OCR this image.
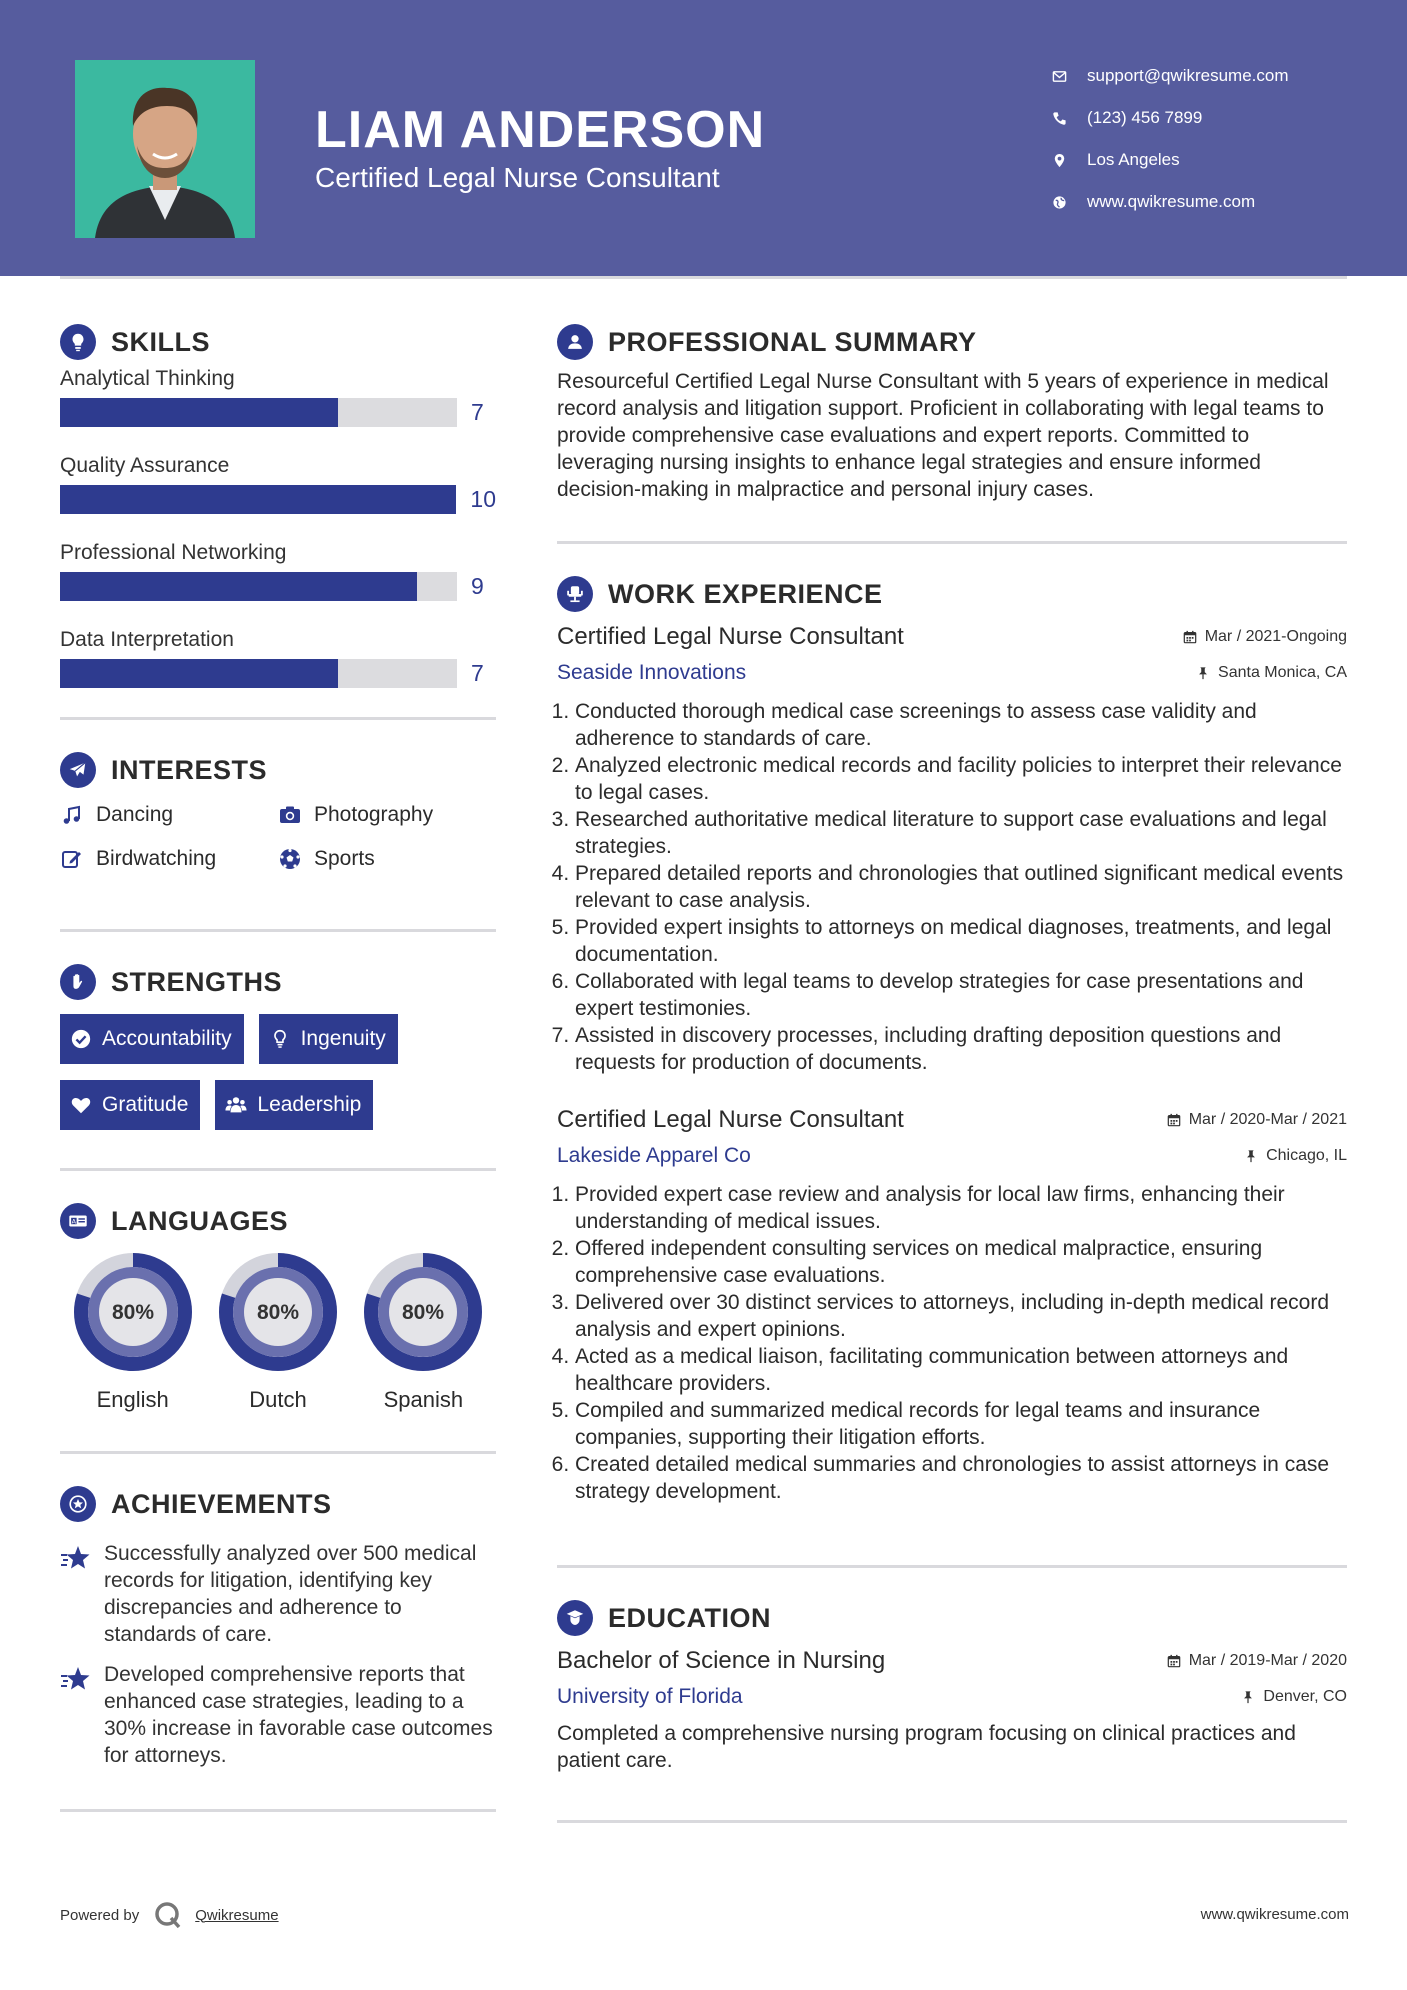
LIAM ANDERSON

Certified Legal Nurse Consultant

support@qwikresume.com
(123) 456 7899
Los Angeles
www.qwikresume.com
SKILLS
Analytical Thinking
7
Quality Assurance
10
Professional Networking
9
Data Interpretation
7
INTERESTS
Dancing	Photography
Birdwatching	Sports
STRENGTHS
Accountability	Ingenuity
Gratitude	Leadership
A LANGUAGES
80%
English
80%
Dutch
80%
Spanish
ACHIEVEMENTS
Successfully analyzed over 500 medical records for litigation, identifying key discrepancies and adherence to standards of care.
Developed comprehensive reports that enhanced case strategies, leading to a 30% increase in favorable case outcomes for attorneys.
PROFESSIONAL SUMMARY

Resourceful Certified Legal Nurse Consultant with 5 years of experience in medical record analysis and litigation support. Proficient in collaborating with legal teams to provide comprehensive case evaluations and expert reports. Committed to leveraging nursing insights to enhance legal strategies and ensure informed decision-making in malpractice and personal injury cases.

WORK EXPERIENCE
Certified Legal Nurse Consultant	Mar / 2021-Ongoing
Seaside Innovations	Santa Monica, CA
1. Conducted thorough medical case screenings to assess case validity and adherence to standards of care.
2. Analyzed electronic medical records and facility policies to interpret their relevance to legal cases.
3. Researched authoritative medical literature to support case evaluations and legal strategies.
4. Prepared detailed reports and chronologies that outlined significant medical events relevant to case analysis.
5. Provided expert insights to attorneys on medical diagnoses, treatments, and legal documentation.
6. Collaborated with legal teams to develop strategies for case presentations and expert testimonies.
7. Assisted in discovery processes, including drafting deposition questions and requests for production of documents.
Certified Legal Nurse Consultant	Mar / 2020-Mar / 2021
Lakeside Apparel Co	Chicago, IL
1. Provided expert case review and analysis for local law firms, enhancing their understanding of medical issues.
2. Offered independent consulting services on medical malpractice, ensuring comprehensive case evaluations.
3. Delivered over 30 distinct services to attorneys, including in-depth medical record analysis and expert opinions.
4. Acted as a medical liaison, facilitating communication between attorneys and healthcare providers.
5. Compiled and summarized medical records for legal teams and insurance companies, supporting their litigation efforts.
6. Created detailed medical summaries and chronologies to assist attorneys in case strategy development.
EDUCATION
Bachelor of Science in Nursing	Mar / 2019-Mar / 2020
University of Florida	Denver, CO

Completed a comprehensive nursing program focusing on clinical practices and patient care.

Powered by	Qwikresume	www.qwikresume.com
